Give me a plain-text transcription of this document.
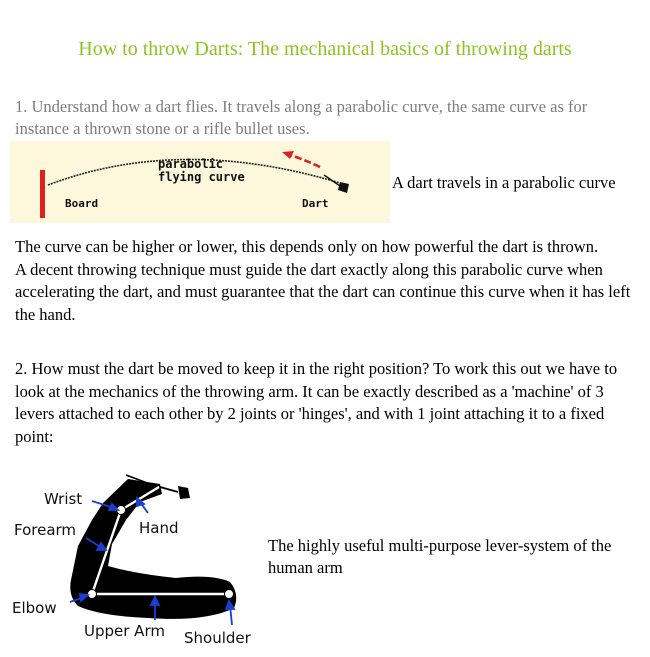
How to throw Darts: The mechanical basics of throwing darts
1. Understand how a dart flies. It travels along a parabolic curve, the same curve as for instance a thrown stone or a rifle bullet uses.
parabolic
flying curve
Board	Dart
A dart travels in a parabolic curve
The curve can be higher or lower, this depends only on how powerful the dart is thrown.
A decent throwing technique must guide the dart exactly along this parabolic curve when accelerating the dart, and must guarantee that the dart can continue this curve when it has left the hand.
2. How must the dart be moved to keep it in the right position? To work this out we have to look at the mechanics of the throwing arm. It can be exactly described as a 'machine' of 3 levers attached to each other by 2 joints or 'hinges', and with 1 joint attaching it to a fixed point:
Wrist
Forearm	Hand
Elbow
Upper Arm Shoulder
The highly useful multi-purpose lever-system of the human arm
